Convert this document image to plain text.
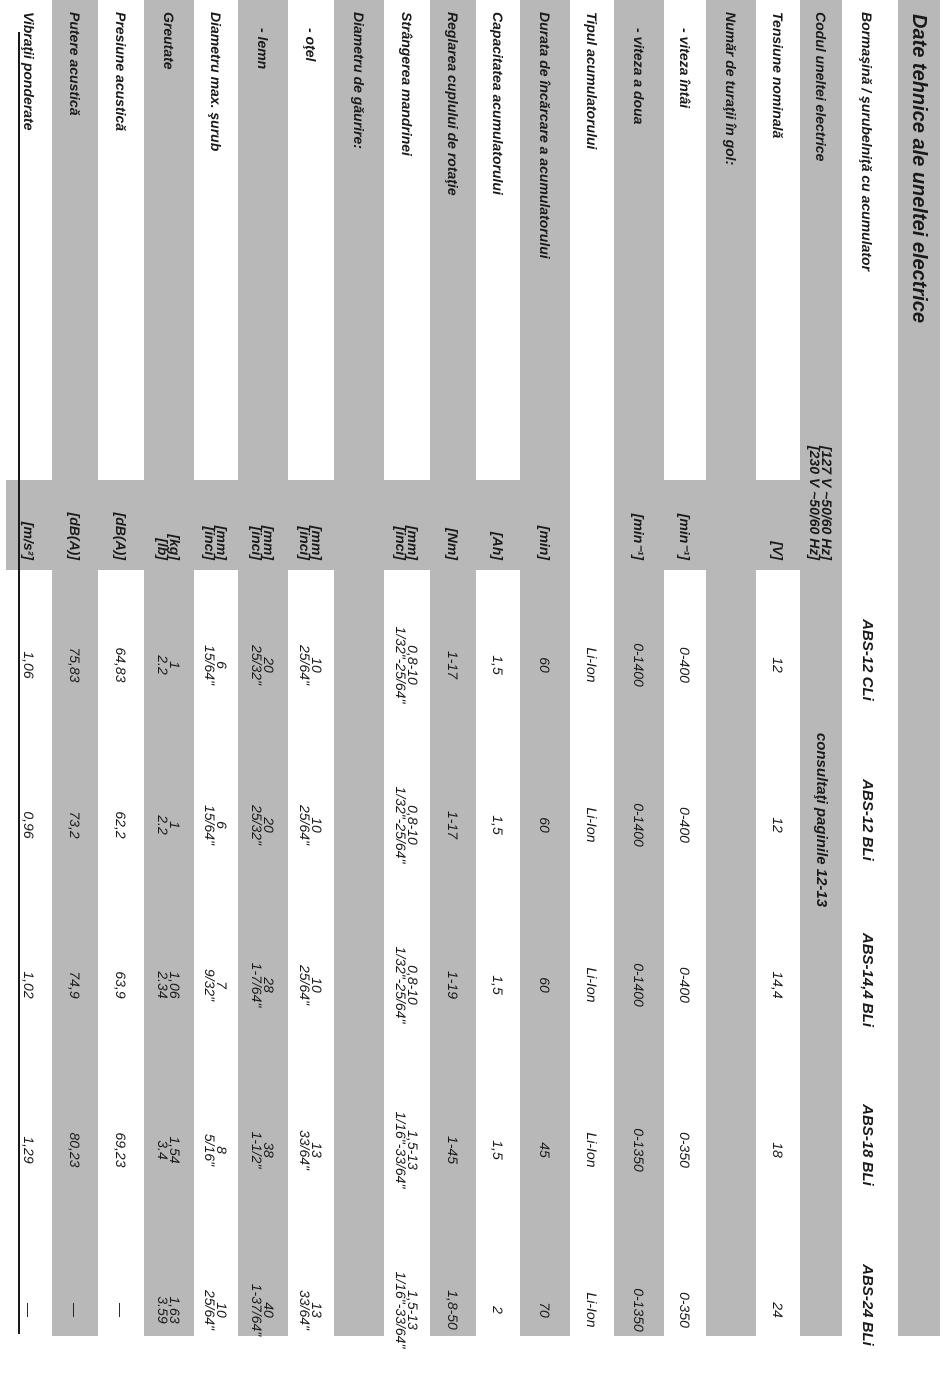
Date tehnice ale uneltei electrice
Bormaşină / şurubelniţă cu acumulator
ABS-12 CLi
ABS-12 BLi
ABS-14,4 BLi
ABS-18 BLi
ABS-24 BLi
Codul uneltei electrice
[127 V ~50/60 Hz]
[230 V ~50/60 Hz]
consultaţi paginile 12-13
Tensiune nominală
[V]
12
12
14,4
18
24
Număr de turaţii în gol:
- viteza întâi
[min⁻¹]
0-400
0-400
0-400
0-350
0-350
- viteza a doua
[min⁻¹]
0-1400
0-1400
0-1400
0-1350
0-1350
Tipul acumulatorului
Li-Ion
Li-Ion
Li-Ion
Li-Ion
Li-Ion
Durata de încărcare a acumulatorului
[min]
60
60
60
45
70
Capacitatea acumulatorului
[Ah]
1,5
1,5
1,5
1,5
2
Reglarea cuplului de rotaţie
[Nm]
1-17
1-17
1-19
1-45
1,8-50
Strângerea mandrinei
[mm]
[inci]
0,8-10
1/32"-25/64"
0,8-10
1/32"-25/64"
0,8-10
1/32"-25/64"
1,5-13
1/16"-33/64"
1,5-13
1/16"-33/64"
Diametru de găurire:
- oţel
[mm]
[inci]
10
25/64"
10
25/64"
10
25/64"
13
33/64"
13
33/64"
- lemn
[mm]
[inci]
20
25/32"
20
25/32"
28
1-7/64"
38
1-1/2"
40
1-37/64"
Diametru max. şurub
[mm]
[inci]
6
15/64"
6
15/64"
7
9/32"
8
5/16"
10
25/64"
Greutate
[kg]
[lb]
1
2.2
1
2.2
1,06
2.34
1,54
3.4
1,63
3.59
Presiune acustică
[dB(A)]
64,83
62,2
63,9
69,23
—
Putere acustică
[dB(A)]
75,83
73,2
74,9
80,23
—
Vibraţii ponderate
[m/s²]
1,06
0,96
1,02
1,29
—
